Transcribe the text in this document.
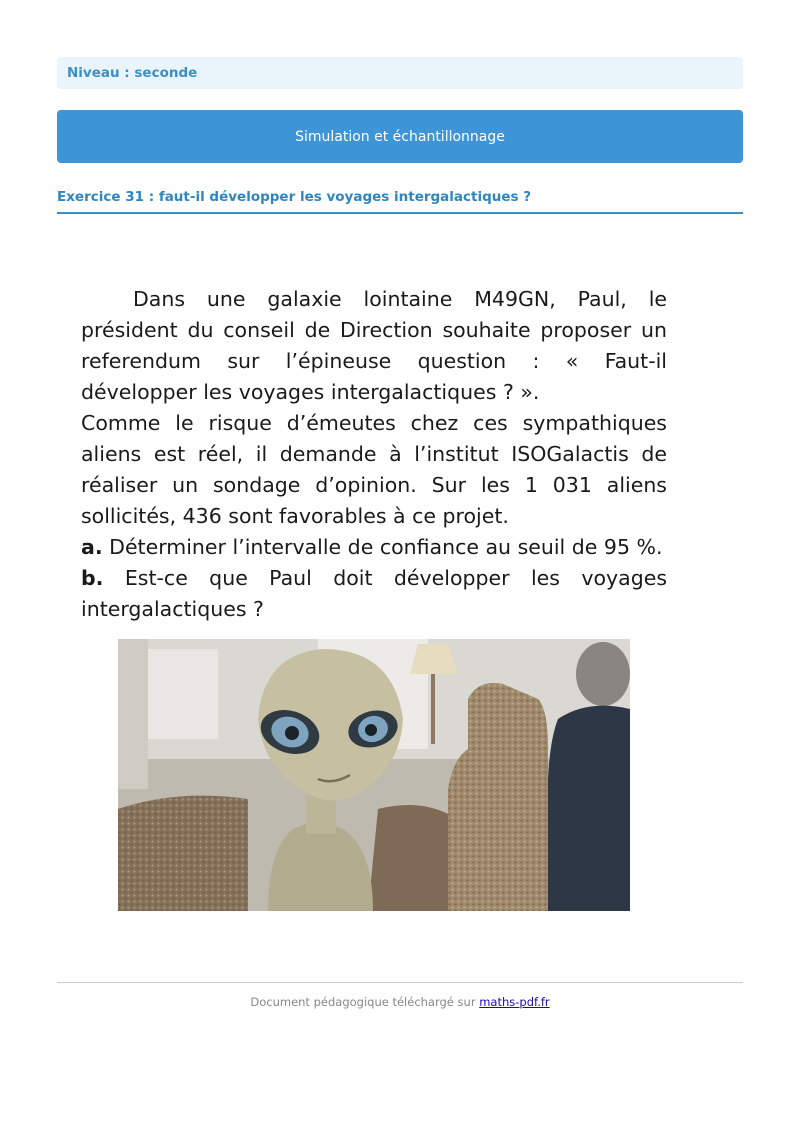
Niveau : seconde
Simulation et échantillonnage
Exercice 31 : faut-il développer les voyages intergalactiques ?

Dans une galaxie lointaine M49GN, Paul, le président du conseil de Direction souhaite proposer un referendum sur l’épineuse question : « Faut-il développer les voyages intergalactiques ? ».

Comme le risque d’émeutes chez ces sympathiques aliens est réel, il demande à l’institut ISOGalactis de réaliser un sondage d’opinion. Sur les 1 031 aliens sollicités, 436 sont favorables à ce projet.

a. Déterminer l’intervalle de confiance au seuil de 95 %.

b. Est-ce que Paul doit développer les voyages intergalactiques ?

Document pédagogique téléchargé sur maths-pdf.fr
